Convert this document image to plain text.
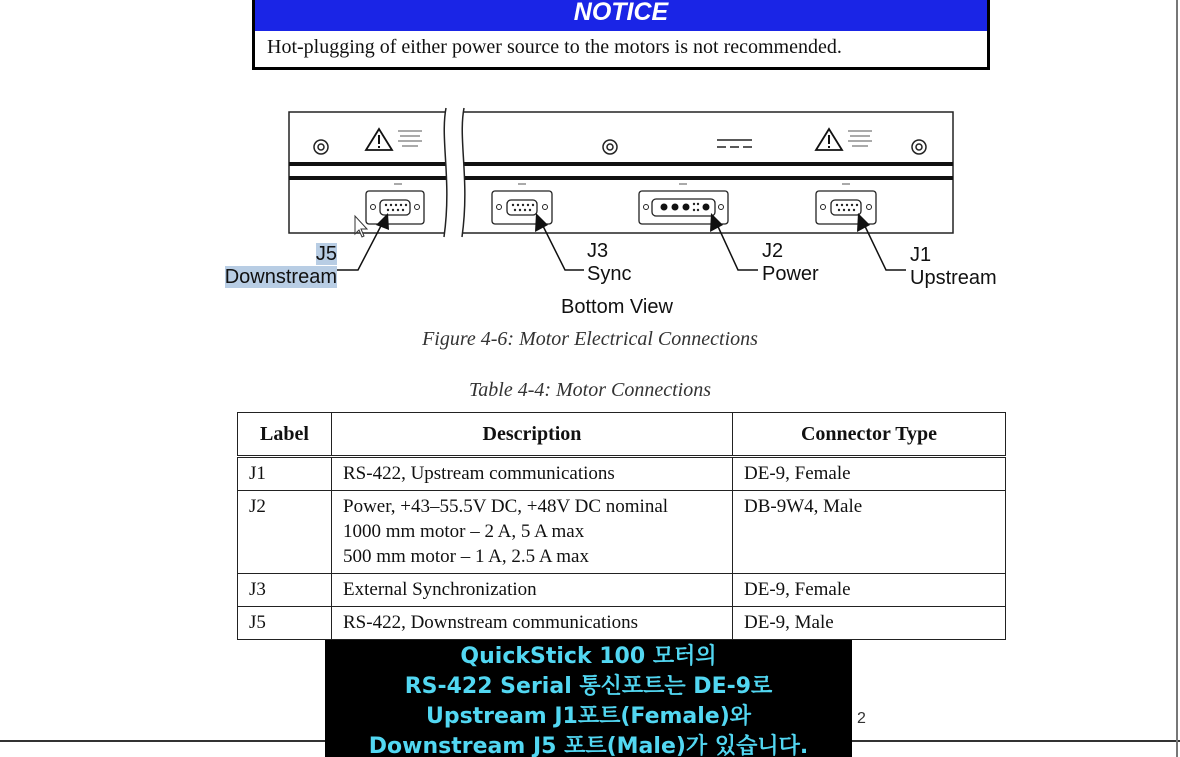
NOTICE
Hot-plugging of either power source to the motors is not recommended.
J5
Downstream
J3
Sync
J2
Power
J1
Upstream
Bottom View
Figure 4-6: Motor Electrical Connections
Table 4-4: Motor Connections
Label	Description	Connector Type
J1	RS-422, Upstream communications	DE-9, Female
J2	Power, +43–55.5V DC, +48V DC nominal
1000 mm motor – 2 A, 5 A max
500 mm motor – 1 A, 2.5 A max	DB-9W4, Male
J3	External Synchronization	DE-9, Female
J5	RS-422, Downstream communications	DE-9, Male
2
QuickStick 100 모터의
RS-422 Serial 통신포트는 DE-9로
Upstream J1포트(Female)와
Downstream J5 포트(Male)가 있습니다.
